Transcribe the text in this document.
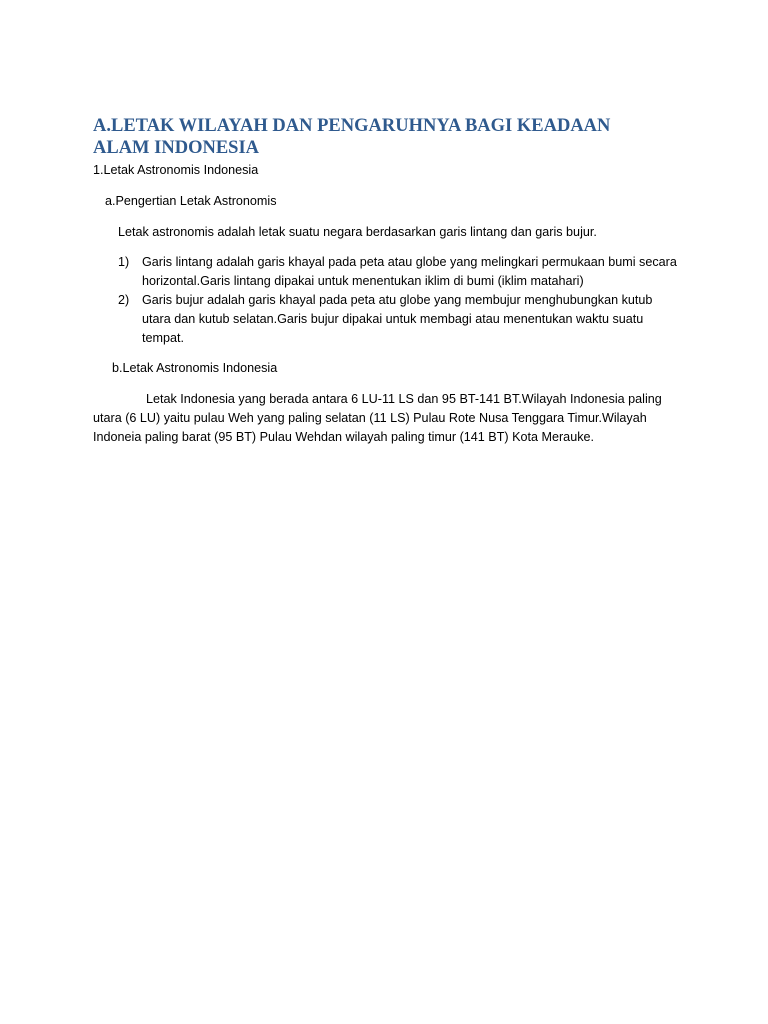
A.LETAK WILAYAH DAN PENGARUHNYA BAGI KEADAAN ALAM INDONESIA

1.Letak Astronomis Indonesia

a.Pengertian Letak Astronomis

Letak astronomis adalah letak suatu negara berdasarkan garis lintang dan garis bujur.

1) Garis lintang adalah garis khayal pada peta atau globe yang melingkari permukaan bumi secara horizontal.Garis lintang dipakai untuk menentukan iklim di bumi (iklim matahari)
2) Garis bujur adalah garis khayal pada peta atu globe yang membujur menghubungkan kutub utara dan kutub selatan.Garis bujur dipakai untuk membagi atau menentukan waktu suatu tempat.

b.Letak Astronomis Indonesia

Letak Indonesia yang berada antara 6 LU-11 LS dan 95 BT-141 BT.Wilayah Indonesia paling utara (6 LU) yaitu pulau Weh yang paling selatan (11 LS) Pulau Rote Nusa Tenggara Timur.Wilayah Indoneia paling barat (95 BT) Pulau Wehdan wilayah paling timur (141 BT) Kota Merauke.
